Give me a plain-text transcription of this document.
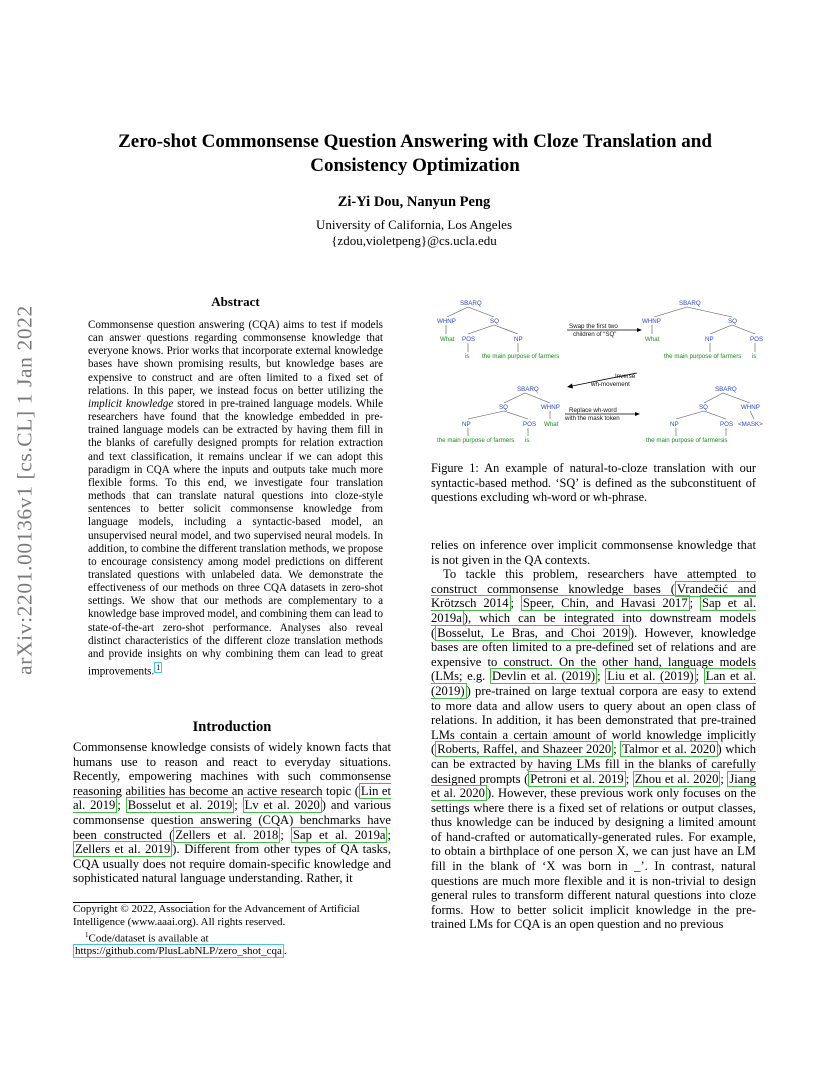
Zero-shot Commonsense Question Answering with Cloze Translation and Consistency Optimization
Zi-Yi Dou, Nanyun Peng
University of California, Los Angeles
{zdou,violetpeng}@cs.ucla.edu
arXiv:2201.00136v1 [cs.CL] 1 Jan 2022
Abstract
Commonsense question answering (CQA) aims to test if models can answer questions regarding commonsense knowledge that everyone knows. Prior works that incorporate external knowledge bases have shown promising results, but knowledge bases are expensive to construct and are often limited to a fixed set of relations. In this paper, we instead focus on better utilizing the implicit knowledge stored in pre-trained language models. While researchers have found that the knowledge embedded in pre-trained language models can be extracted by having them fill in the blanks of carefully designed prompts for relation extraction and text classification, it remains unclear if we can adopt this paradigm in CQA where the inputs and outputs take much more flexible forms. To this end, we investigate four translation methods that can translate natural questions into cloze-style sentences to better solicit commonsense knowledge from language models, including a syntactic-based model, an unsupervised neural model, and two supervised neural models. In addition, to combine the different translation methods, we propose to encourage consistency among model predictions on different translated questions with unlabeled data. We demonstrate the effectiveness of our methods on three CQA datasets in zero-shot settings. We show that our methods are complementary to a knowledge base improved model, and combining them can lead to state-of-the-art zero-shot performance. Analyses also reveal distinct characteristics of the different cloze translation methods and provide insights on why combining them can lead to great improvements. $^1$
Introduction
Commonsense knowledge consists of widely known facts that humans use to reason and react to everyday situations. Recently, empowering machines with such commonsense reasoning abilities has become an active research topic ( Lin et al. 2019 ; Bosselut et al. 2019 ; Lv et al. 2020 ) and various commonsense question answering (CQA) benchmarks have been constructed ( Zellers et al. 2018 ; Sap et al. 2019a ; Zellers et al. 2019 ). Different from other types of QA tasks, CQA usually does not require domain-specific knowledge and sophisticated natural language understanding. Rather, it
Copyright © 2022, Association for the Advancement of Artificial Intelligence (www.aaai.org). All rights reserved.
$^1$Code/dataset is available at https://github.com/PlusLabNLP/zero_shot_cqa .
SBARQ
WHNP	SQ
What POS	NP
is the main purpose of farmers
Swap the first two
children of “SQ”
SBARQ
WHNP	SQ
What	NP	POS
the main purpose of farmers is
Inverse
wh-movement
SBARQ
SQ	WHNP
NP	POS What
the main purpose of farmers is
Replace wh-word
with the mask token
SBARQ
SQ	WHNP
NP	POS <MASK>
the main purpose of farmers is
Figure 1: An example of natural-to-cloze translation with our syntactic-based method. ‘SQ’ is defined as the subconstituent of questions excluding wh-word or wh-phrase.
relies on inference over implicit commonsense knowledge that is not given in the QA contexts.
To tackle this problem, researchers have attempted to construct commonsense knowledge bases ( Vrandečić and Krötzsch 2014 ; Speer, Chin, and Havasi 2017 ; Sap et al. 2019a ), which can be integrated into downstream models ( Bosselut, Le Bras, and Choi 2019 ). However, knowledge bases are often limited to a pre-defined set of relations and are expensive to construct. On the other hand, language models (LMs; e.g. Devlin et al. (2019) ; Liu et al. (2019) ; Lan et al. (2019) ) pre-trained on large textual corpora are easy to extend to more data and allow users to query about an open class of relations. In addition, it has been demonstrated that pre-trained LMs contain a certain amount of world knowledge implicitly ( Roberts, Raffel, and Shazeer 2020 ; Talmor et al. 2020 ) which can be extracted by having LMs fill in the blanks of carefully designed prompts ( Petroni et al. 2019 ; Zhou et al. 2020 ; Jiang et al. 2020 ). However, these previous work only focuses on the settings where there is a fixed set of relations or output classes, thus knowledge can be induced by designing a limited amount of hand-crafted or automatically-generated rules. For example, to obtain a birthplace of one person X, we can just have an LM fill in the blank of ‘X was born in _’. In contrast, natural questions are much more flexible and it is non-trivial to design general rules to transform different natural questions into cloze forms. How to better solicit implicit knowledge in the pre-trained LMs for CQA is an open question and no previous
